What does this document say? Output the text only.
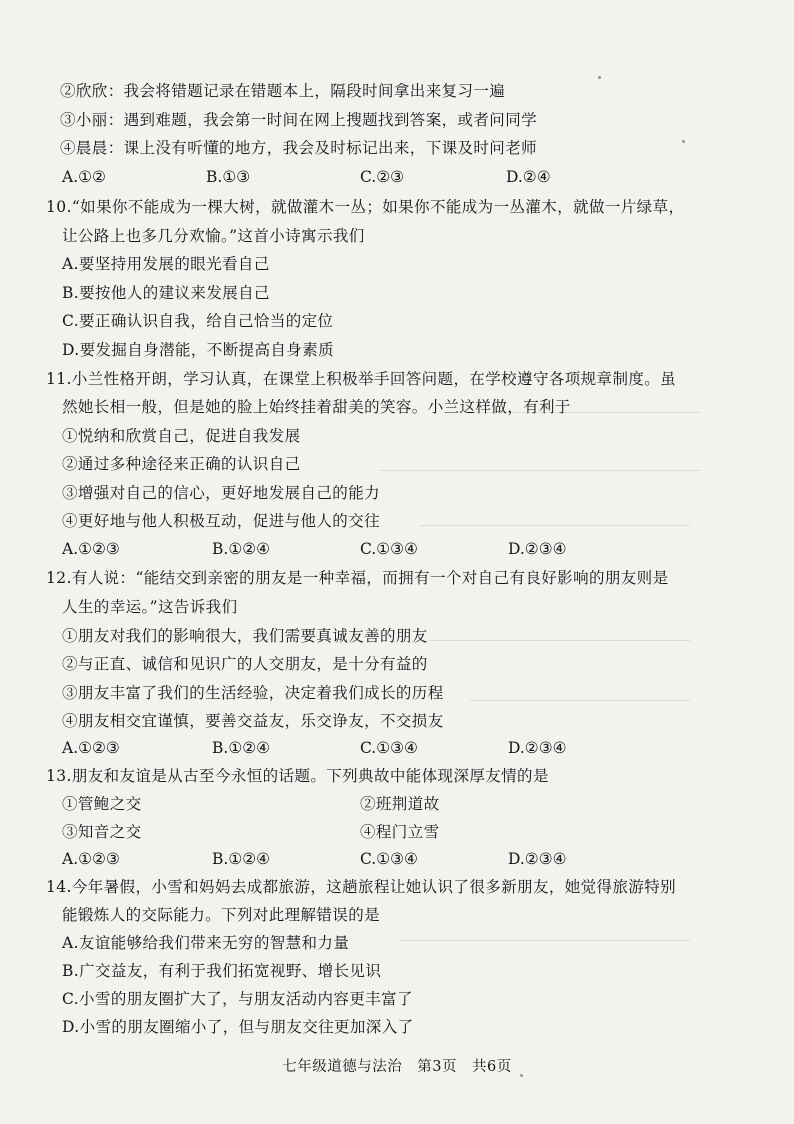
②欣欣：我会将错题记录在错题本上，隔段时间拿出来复习一遍
③小丽：遇到难题，我会第一时间在网上搜题找到答案，或者问同学
④晨晨：课上没有听懂的地方，我会及时标记出来，下课及时问老师
A.①②	B.①③	C.②③	D.②④
10.“如果你不能成为一棵大树，就做灌木一丛；如果你不能成为一丛灌木，就做一片绿草，
让公路上也多几分欢愉。”这首小诗寓示我们
A.要坚持用发展的眼光看自己
B.要按他人的建议来发展自己
C.要正确认识自我，给自己恰当的定位
D.要发掘自身潜能，不断提高自身素质
11.小兰性格开朗，学习认真，在课堂上积极举手回答问题，在学校遵守各项规章制度。虽
然她长相一般，但是她的脸上始终挂着甜美的笑容。小兰这样做，有利于
①悦纳和欣赏自己，促进自我发展
②通过多种途径来正确的认识自己
③增强对自己的信心，更好地发展自己的能力
④更好地与他人积极互动，促进与他人的交往
A.①②③	B.①②④	C.①③④	D.②③④
12.有人说：“能结交到亲密的朋友是一种幸福，而拥有一个对自己有良好影响的朋友则是
人生的幸运。”这告诉我们
①朋友对我们的影响很大，我们需要真诚友善的朋友
②与正直、诚信和见识广的人交朋友，是十分有益的
③朋友丰富了我们的生活经验，决定着我们成长的历程
④朋友相交宜谨慎，要善交益友，乐交诤友，不交损友
A.①②③	B.①②④	C.①③④	D.②③④
13.朋友和友谊是从古至今永恒的话题。下列典故中能体现深厚友情的是
①管鲍之交	②班荆道故
③知音之交	④程门立雪
A.①②③	B.①②④	C.①③④	D.②③④
14.今年暑假，小雪和妈妈去成都旅游，这趟旅程让她认识了很多新朋友，她觉得旅游特别
能锻炼人的交际能力。下列对此理解错误的是
A.友谊能够给我们带来无穷的智慧和力量
B.广交益友，有利于我们拓宽视野、增长见识
C.小雪的朋友圈扩大了，与朋友活动内容更丰富了
D.小雪的朋友圈缩小了，但与朋友交往更加深入了
七年级道德与法治　第3页　共6页
